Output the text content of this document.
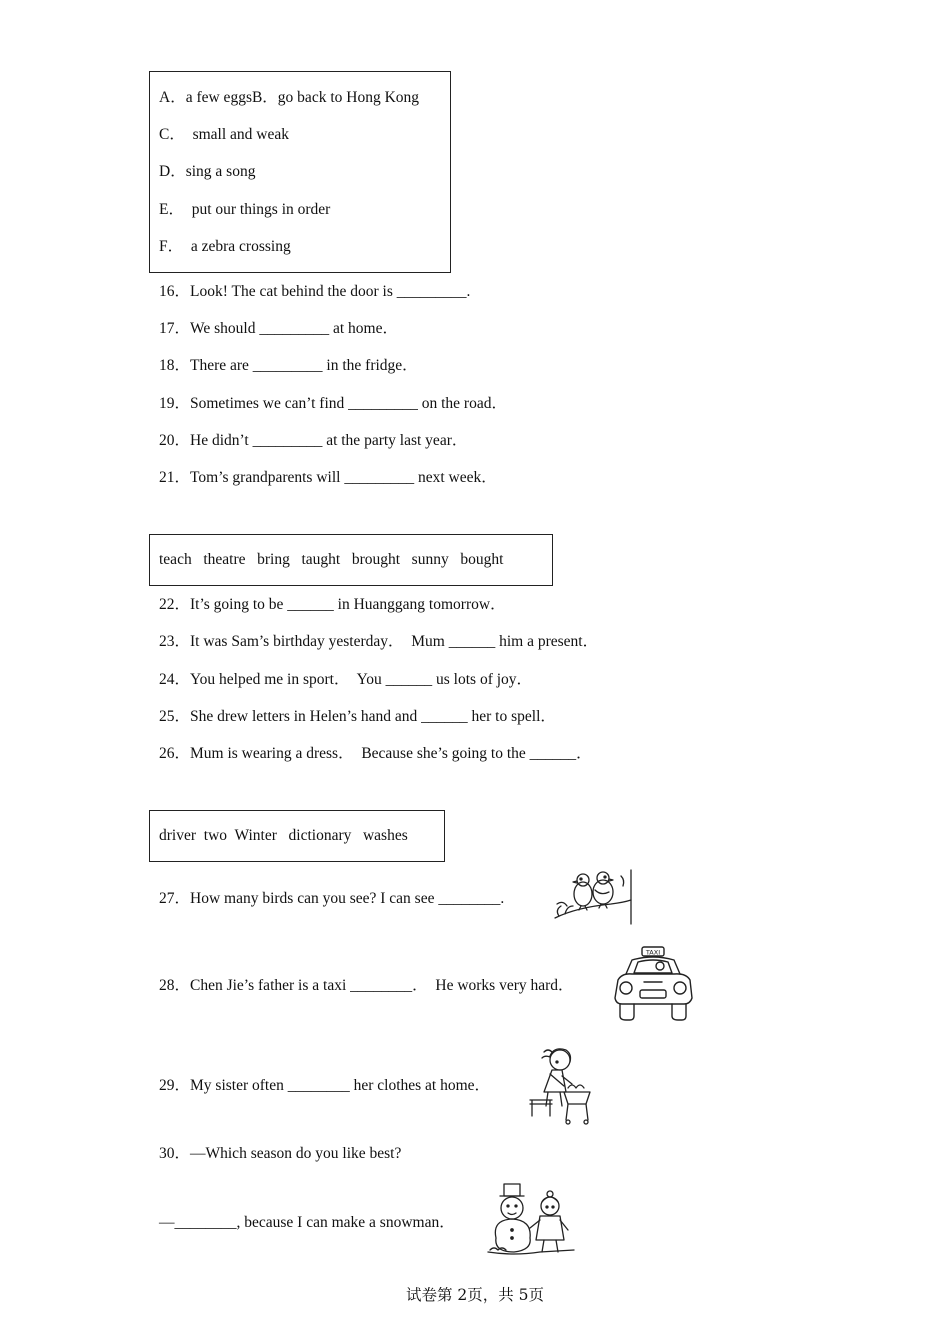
A．a few eggsB．go back to Hong Kong
C．  small and weak
D．sing a song
E．  put our things in order
F．  a zebra crossing
16．Look! The cat behind the door is _________.
17．We should _________ at home．
18．There are _________ in the fridge．
19．Sometimes we can’t find _________ on the road．
20．He didn’t _________ at the party last year．
21．Tom’s grandparents will _________ next week．
teach   theatre   bring   taught   brought   sunny   bought
22．It’s going to be ______ in Huanggang tomorrow．
23．It was Sam’s birthday yesterday．  Mum ______ him a present．
24．You helped me in sport．  You ______ us lots of joy．
25．She drew letters in Helen’s hand and ______ her to spell．
26．Mum is wearing a dress．  Because she’s going to the ______．
driver  two  Winter   dictionary   washes
27．How many birds can you see? I can see ________.
28．Chen Jie’s father is a taxi ________．  He works very hard．
29．My sister often ________ her clothes at home．
30．—Which season do you like best?
—________, because I can make a snowman．
TAXI
试卷第 2页，共 5页
